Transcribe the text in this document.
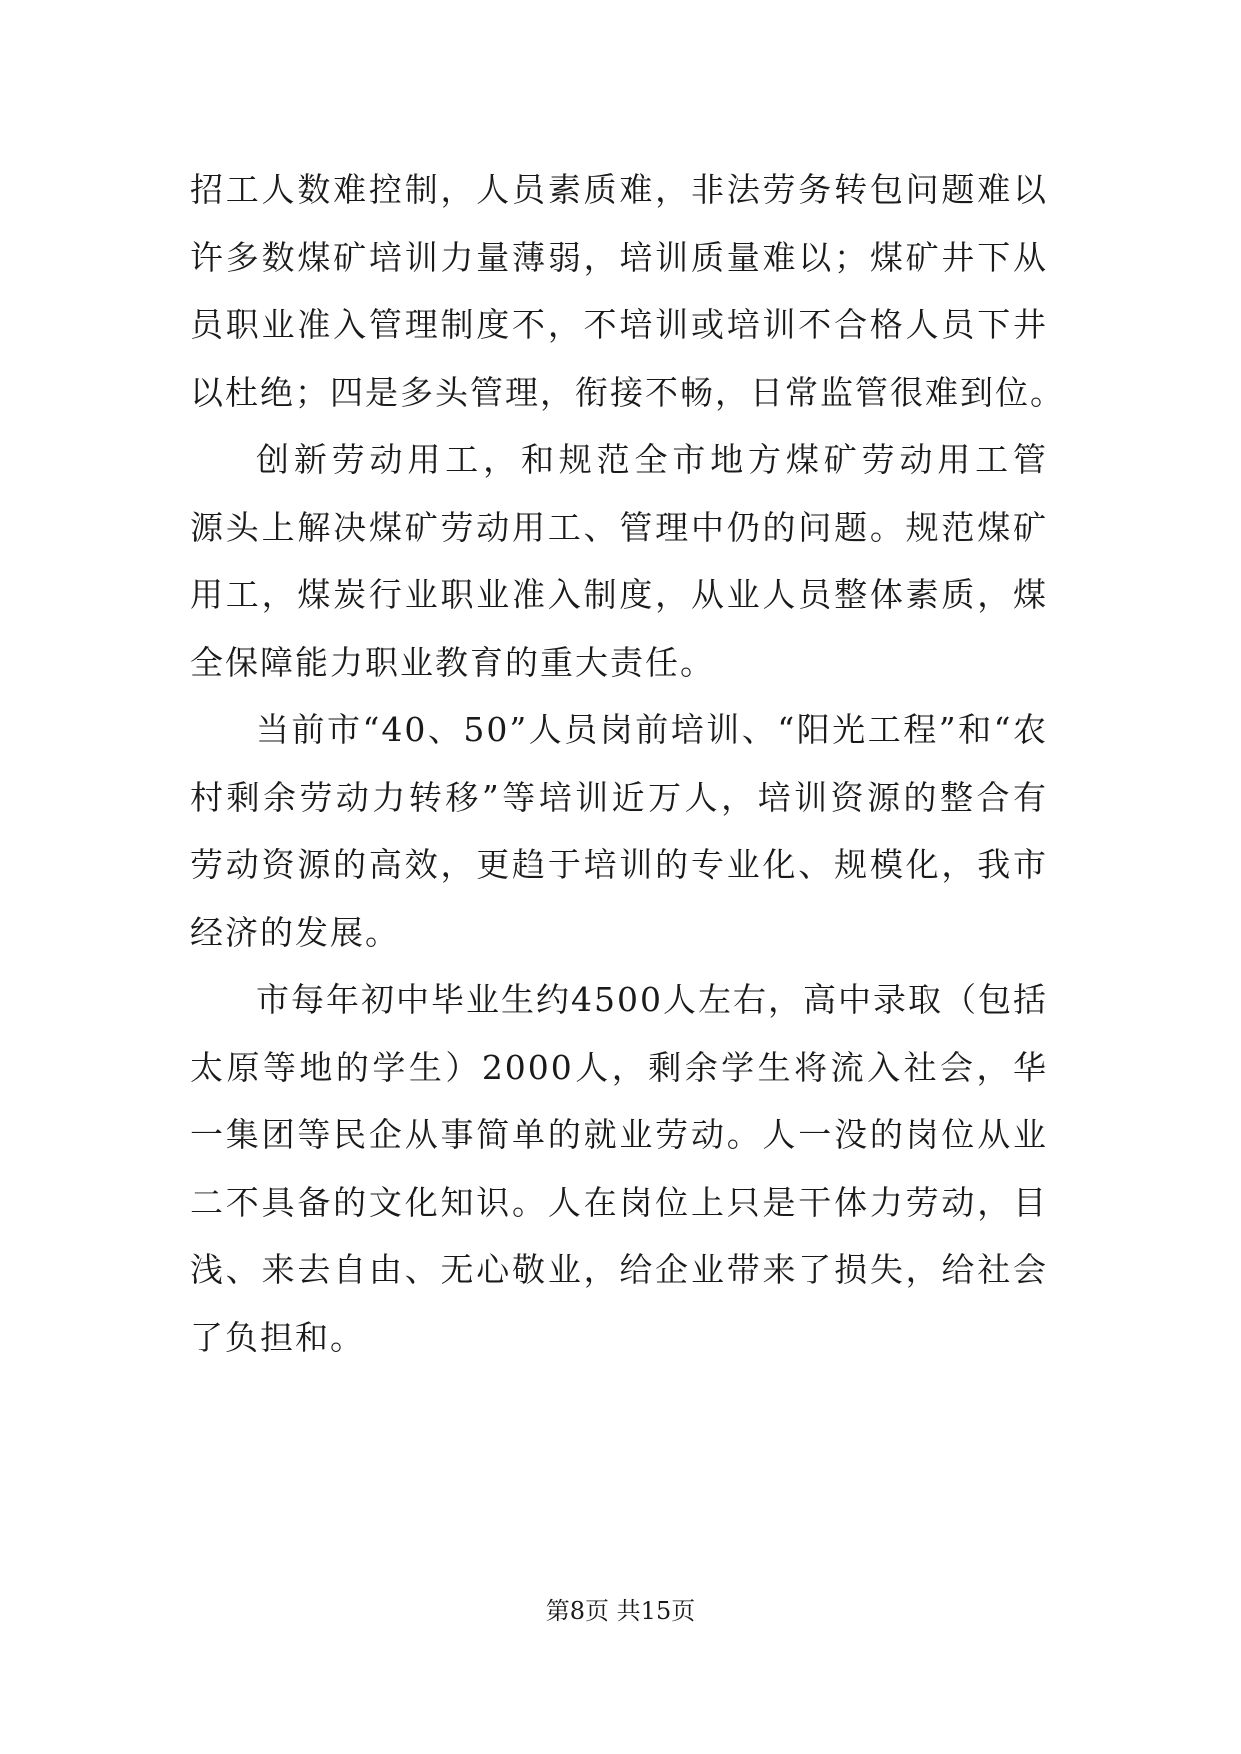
招工人数难控制，人员素质难，非法劳务转包问题难以
许多数煤矿培训力量薄弱，培训质量难以；煤矿井下从
员职业准入管理制度不，不培训或培训不合格人员下井
以杜绝；四是多头管理，衔接不畅，日常监管很难到位。
创新劳动用工，和规范全市地方煤矿劳动用工管
源头上解决煤矿劳动用工、管理中仍的问题。规范煤矿
用工，煤炭行业职业准入制度，从业人员整体素质，煤
全保障能力职业教育的重大责任。
当前市“40、50”人员岗前培训、“阳光工程”和“农
村剩余劳动力转移”等培训近万人，培训资源的整合有
劳动资源的高效，更趋于培训的专业化、规模化，我市
经济的发展。
市每年初中毕业生约4500人左右，高中录取（包括
太原等地的学生）2000人，剩余学生将流入社会，华
一集团等民企从事简单的就业劳动。人一没的岗位从业
二不具备的文化知识。人在岗位上只是干体力劳动，目
浅、来去自由、无心敬业，给企业带来了损失，给社会
了负担和。
第8页 共15页
